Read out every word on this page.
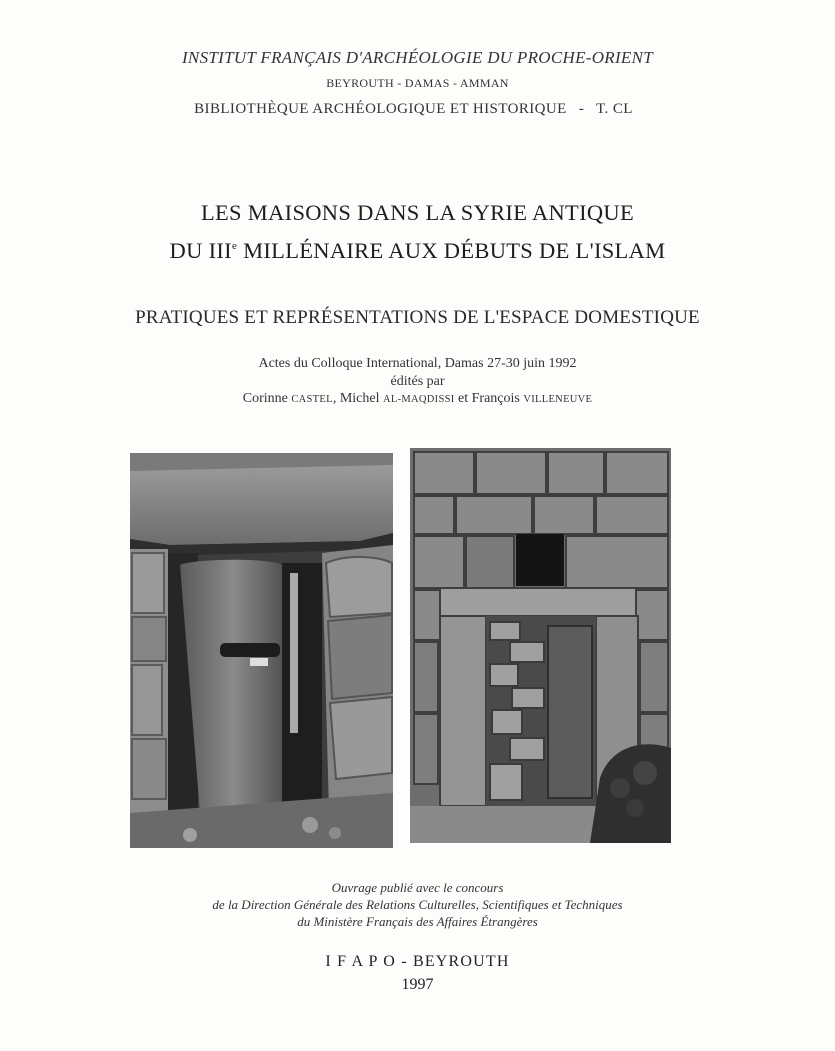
INSTITUT FRANÇAIS D'ARCHÉOLOGIE DU PROCHE-ORIENT
BEYROUTH - DAMAS - AMMAN
BIBLIOTHÈQUE ARCHÉOLOGIQUE ET HISTORIQUE - T. CL
LES MAISONS DANS LA SYRIE ANTIQUE
DU IIIe MILLÉNAIRE AUX DÉBUTS DE L'ISLAM
PRATIQUES ET REPRÉSENTATIONS DE L'ESPACE DOMESTIQUE
Actes du Colloque International, Damas 27-30 juin 1992
édités par
Corinne CASTEL, Michel AL-MAQDISSI et François VILLENEUVE
Ouvrage publié avec le concours
de la Direction Générale des Relations Culturelles, Scientifiques et Techniques
du Ministère Français des Affaires Étrangères
I F A P O - BEYROUTH
1997
